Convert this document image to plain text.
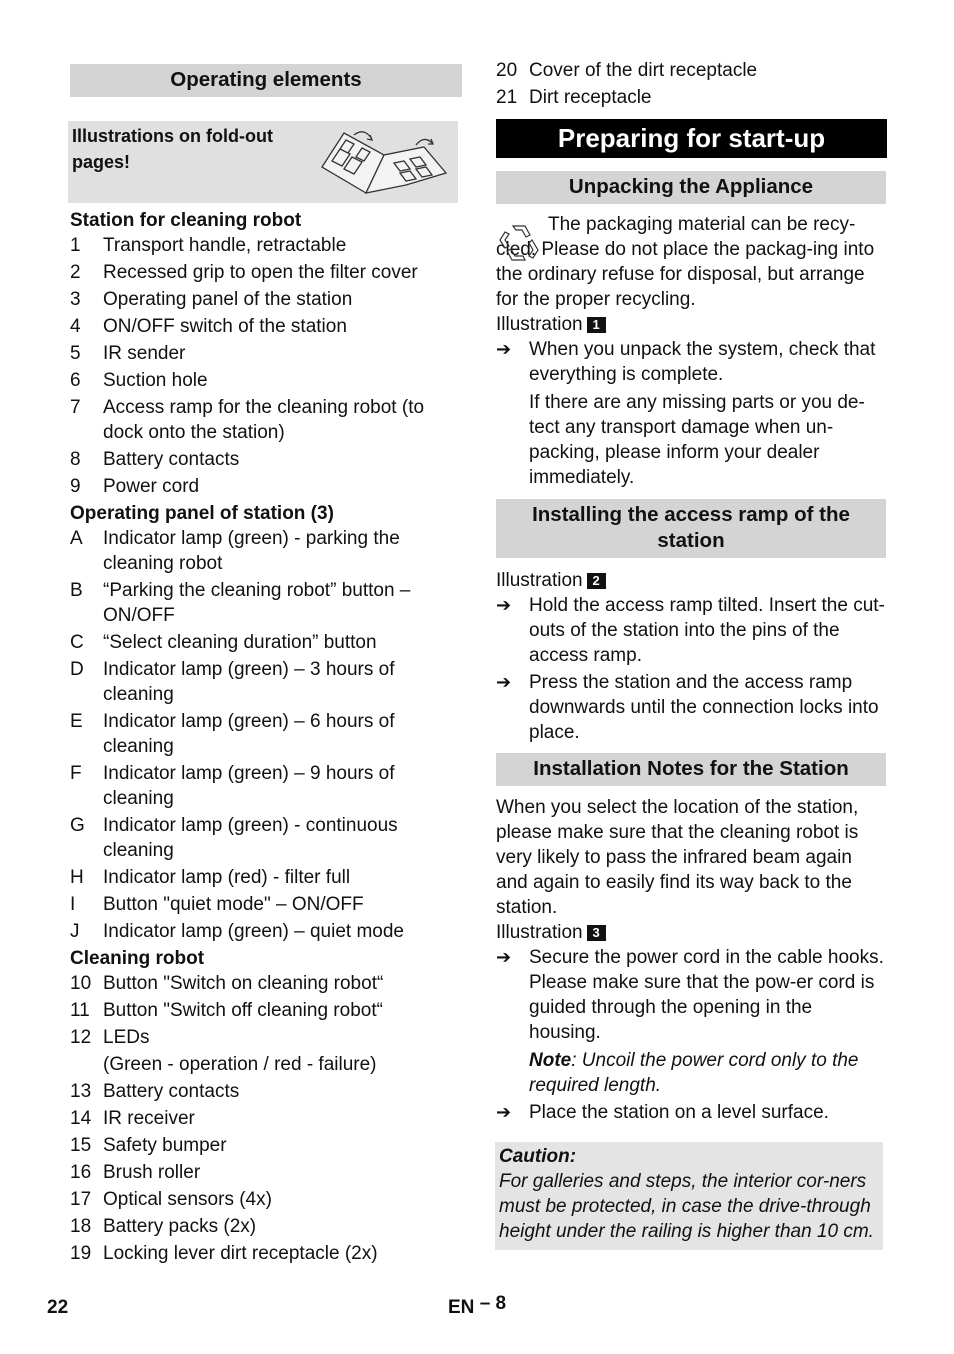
Operating elements
Illustrations on fold-out pages!
Station for cleaning robot
1	Transport handle, retractable
2	Recessed grip to open the filter cover
3	Operating panel of the station
4	ON/OFF switch of the station
5	IR sender
6	Suction hole
7	Access ramp for the cleaning robot (to dock onto the station)
8	Battery contacts
9	Power cord
Operating panel of station (3)
A	Indicator lamp (green) - parking the cleaning robot
B	“Parking the cleaning robot” button – ON/OFF
C	“Select cleaning duration” button
D	Indicator lamp (green) – 3 hours of cleaning
E	Indicator lamp (green) – 6 hours of cleaning
F	Indicator lamp (green) – 9 hours of cleaning
G Indicator lamp (green) - continuous cleaning
H	Indicator lamp (red) - filter full
I	Button "quiet mode" – ON/OFF
J	Indicator lamp (green) – quiet mode
Cleaning robot
10 Button "Switch on cleaning robot“
11 Button "Switch off cleaning robot“
12 LEDs
(Green - operation / red - failure)
13 Battery contacts
14 IR receiver
15 Safety bumper
16 Brush roller
17 Optical sensors (4x)
18 Battery packs (2x)
19 Locking lever dirt receptacle (2x)
20 Cover of the dirt receptacle
21 Dirt receptacle
Preparing for start-up
Unpacking the Appliance

The packaging material can be recy-cled. Please do not place the packag-ing into the ordinary refuse for disposal, but arrange for the proper recycling.

Illustration 1

➔ When you unpack the system, check that everything is complete.
If there are any missing parts or you de-tect any transport damage when un-packing, please inform your dealer immediately.
Installing the access ramp of the station

Illustration 2

➔ Hold the access ramp tilted. Insert the cut-outs of the station into the pins of the access ramp.
➔ Press the station and the access ramp downwards until the connection locks into place.
Installation Notes for the Station

When you select the location of the station, please make sure that the cleaning robot is very likely to pass the infrared beam again and again to easily find its way back to the station.

Illustration 3

➔ Secure the power cord in the cable hooks. Please make sure that the pow-er cord is guided through the opening in the housing.
Note: Uncoil the power cord only to the required length.
➔ Place the station on a level surface.
Caution:
For galleries and steps, the interior cor-ners must be protected, in case the drive-through height under the railing is higher than 10 cm.
22	EN – 8
